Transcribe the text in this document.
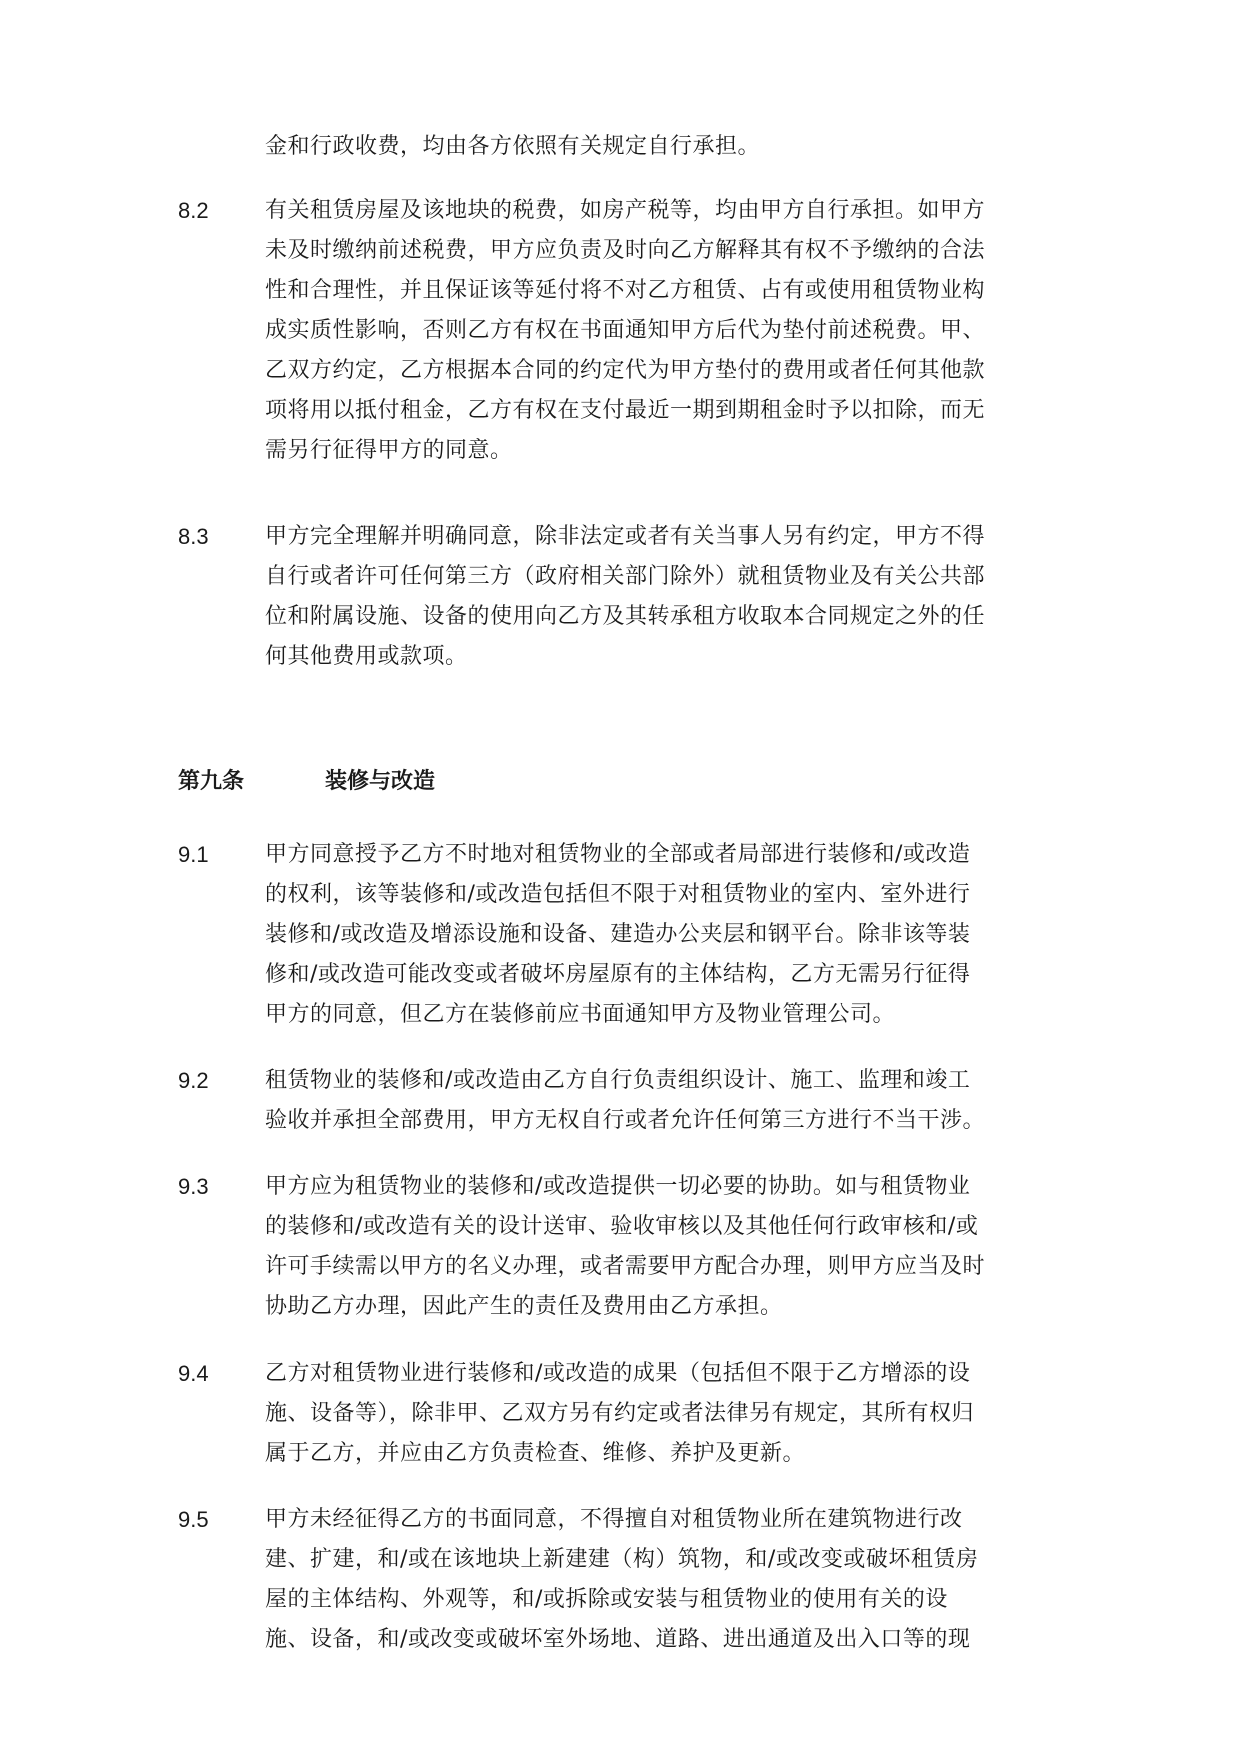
金和行政收费，均由各方依照有关规定自行承担。
8.2	有关租赁房屋及该地块的税费，如房产税等，均由甲方自行承担。如甲方
未及时缴纳前述税费，甲方应负责及时向乙方解释其有权不予缴纳的合法
性和合理性，并且保证该等延付将不对乙方租赁、占有或使用租赁物业构
成实质性影响，否则乙方有权在书面通知甲方后代为垫付前述税费。甲、
乙双方约定，乙方根据本合同的约定代为甲方垫付的费用或者任何其他款
项将用以抵付租金，乙方有权在支付最近一期到期租金时予以扣除，而无
需另行征得甲方的同意。
8.3	甲方完全理解并明确同意，除非法定或者有关当事人另有约定，甲方不得
自行或者许可任何第三方（政府相关部门除外）就租赁物业及有关公共部
位和附属设施、设备的使用向乙方及其转承租方收取本合同规定之外的任
何其他费用或款项。
第九条	装修与改造
9.1	甲方同意授予乙方不时地对租赁物业的全部或者局部进行装修和/或改造
的权利，该等装修和/或改造包括但不限于对租赁物业的室内、室外进行
装修和/或改造及增添设施和设备、建造办公夹层和钢平台。除非该等装
修和/或改造可能改变或者破坏房屋原有的主体结构，乙方无需另行征得
甲方的同意，但乙方在装修前应书面通知甲方及物业管理公司。
9.2	租赁物业的装修和/或改造由乙方自行负责组织设计、施工、监理和竣工
验收并承担全部费用，甲方无权自行或者允许任何第三方进行不当干涉。
9.3	甲方应为租赁物业的装修和/或改造提供一切必要的协助。如与租赁物业
的装修和/或改造有关的设计送审、验收审核以及其他任何行政审核和/或
许可手续需以甲方的名义办理，或者需要甲方配合办理，则甲方应当及时
协助乙方办理，因此产生的责任及费用由乙方承担。
9.4	乙方对租赁物业进行装修和/或改造的成果（包括但不限于乙方增添的设
施、设备等），除非甲、乙双方另有约定或者法律另有规定，其所有权归
属于乙方，并应由乙方负责检查、维修、养护及更新。
9.5	甲方未经征得乙方的书面同意，不得擅自对租赁物业所在建筑物进行改
建、扩建，和/或在该地块上新建建（构）筑物，和/或改变或破坏租赁房
屋的主体结构、外观等，和/或拆除或安装与租赁物业的使用有关的设
施、设备，和/或改变或破坏室外场地、道路、进出通道及出入口等的现
